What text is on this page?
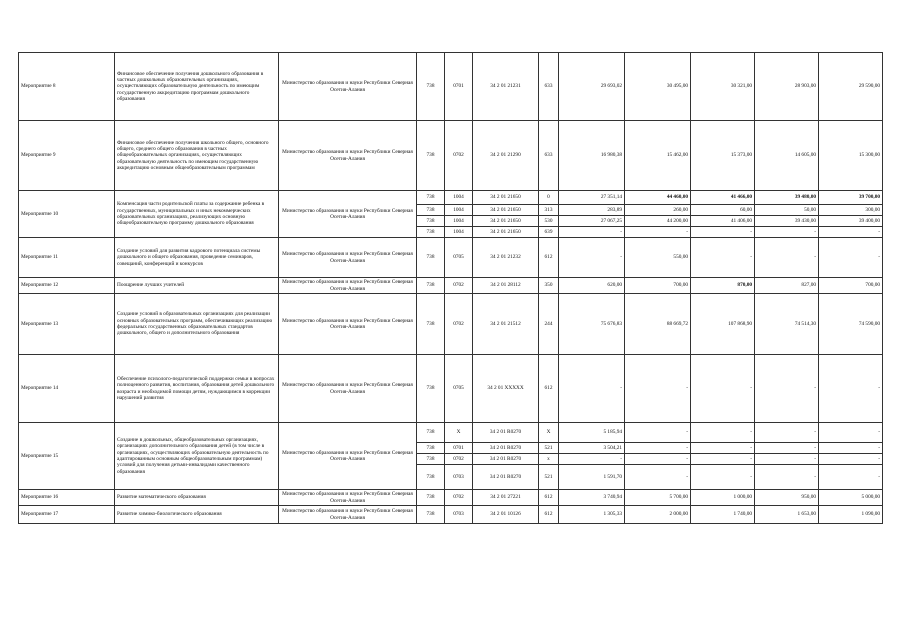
Мероприятие 8	Финансовое обеспечение получения дошкольного образования в частных дошкольных образовательных организациях, осуществляющих образовательную деятельность по имеющим государственную аккредитацию программам дошкольного образования	Министерство образования и науки Республики Северная Осетия-Алания	738	0701	34 2 01 21231	633	29 693,02	30 495,00	30 321,00	28 903,00	29 590,00
Мероприятие 9	Финансовое обеспечение получения школьного общего, основного общего, среднего общего образования в частных общеобразовательных организациях, осуществляющих образовательную деятельность по имеющим государственную аккредитацию основным общеобразовательным программам	Министерство образования и науки Республики Северная Осетия-Алания	738	0702	34 2 01 21290	633	16 980,38	15 462,00	15 373,00	14 605,00	15 300,00
Мероприятие 10	Компенсация части родительской платы за содержание ребенка в государственных, муниципальных и иных некоммерческих образовательных организациях, реализующих основную общеобразовательную программу дошкольного образования	Министерство образования и науки Республики Северная Осетия-Алания	738	1004	34 2 01 21650	0	27 351,14	44 460,00	41 466,00	39 480,00	39 700,00
			738	1004	34 2 01 21650	313	283,89	260,00	60,00	50,00	300,00
			738	1004	34 2 01 21650	530	27 067,25	44 200,00	41 406,00	39 430,00	39 400,00
			738	1004	34 2 01 21650	639	-	-	-	-	-
Мероприятие 11	Создание условий для развития кадрового потенциала системы дошкольного и общего образования, проведение семинаров, совещаний, конференций и конкурсов	Министерство образования и науки Республики Северная Осетия-Алания	738	0705	34 2 01 21232	612	-	550,00	-	-	-
Мероприятие 12	Поощрение лучших учителей	Министерство образования и науки Республики Северная Осетия-Алания	738	0702	34 2 01 28112	350	620,00	700,00	870,00	827,00	700,00
Мероприятие 13	Создание условий в образовательных организациях для реализации основных образовательных программ, обеспечивающих реализацию федеральных государственных образовательных стандартов дошкольного, общего и дополнительного образования	Министерство образования и науки Республики Северная Осетия-Алания	738	0702	34 2 01 21512	244	75 676,83	88 669,72	107 868,90	74 514,30	74 590,00
Мероприятие 14	Обеспечение психолого-педагогической поддержки семьи в вопросах полноценного развития, воспитания, образования детей дошкольного возраста и необходимой помощи детям, нуждающимся в коррекции нарушений развития	Министерство образования и науки Республики Северная Осетия-Алания	738	0705	34 2 01 XXXXX	612	-	-	-	-	-
Мероприятие 15	Создание в дошкольных, общеобразовательных организациях, организациях дополнительного образования детей (в том числе в организациях, осуществляющих образовательную деятельность по адаптированным основным общеобразовательным программам) условий для получения детьми-инвалидами качественного образования	Министерство образования и науки Республики Северная Осетия-Алания	738	X	34 2 01 R0270	X	5 185,94	-	-	-	-
			738	0701	34 2 01 R0270	521	3 504,21	-	-	-	-
			738	0702	34 2 01 R0270	x	-	-	-	-	-
			738	0703	34 2 01 R0270	521	1 591,70	-	-	-	-
Мероприятие 16	Развитие математического образования	Министерство образования и науки Республики Северная Осетия-Алания	738	0702	34 2 01 27221	612	3 740,94	5 700,00	1 000,00	950,00	5 000,00
Мероприятие 17	Развитие химико-биологического образования	Министерство образования и науки Республики Северная Осетия-Алания	738	0703	34 2 01 10126	612	1 305,33	2 000,00	1 740,00	1 653,00	1 090,00
